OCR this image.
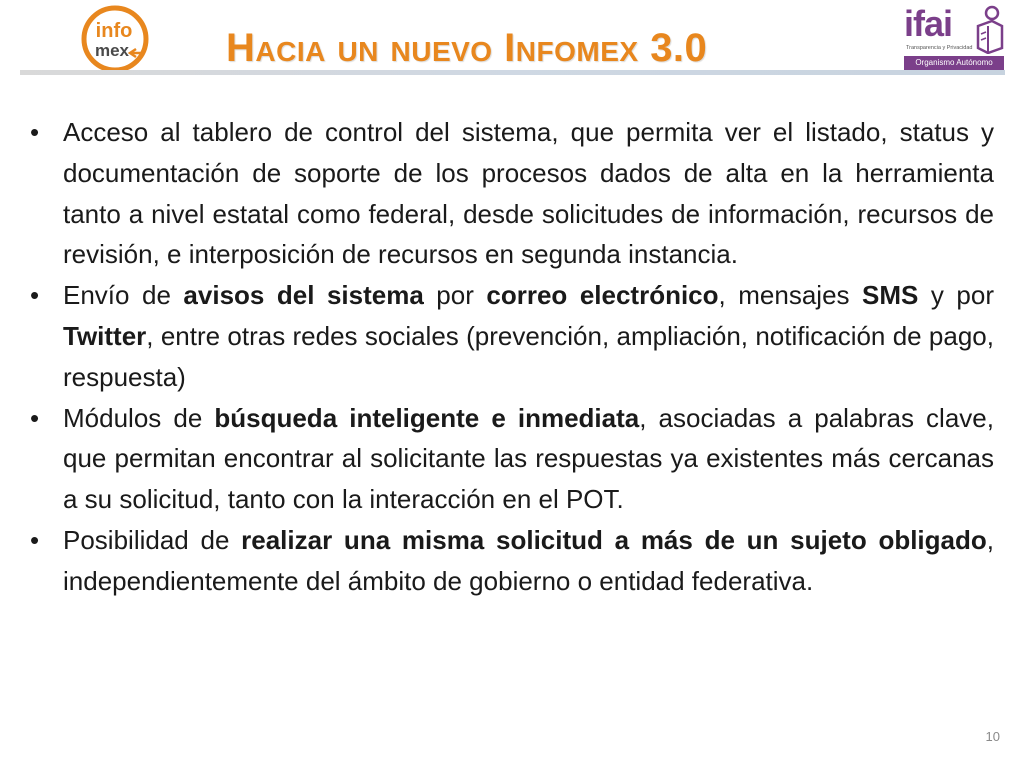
info
mex Hacia un nuevo Infomex 3.0
ifai
Transparencia y Privacidad
Organismo Autónomo
• Acceso al tablero de control del sistema, que permita ver el listado, status y documentación de soporte de los procesos dados de alta en la herramienta tanto a nivel estatal como federal, desde solicitudes de información, recursos de revisión, e interposición de recursos en segunda instancia.
• Envío de avisos del sistema por correo electrónico, mensajes SMS y por Twitter, entre otras redes sociales (prevención, ampliación, notificación de pago, respuesta)
• Módulos de búsqueda inteligente e inmediata, asociadas a palabras clave, que permitan encontrar al solicitante las respuestas ya existentes más cercanas a su solicitud, tanto con la interacción en el POT.
• Posibilidad de realizar una misma solicitud a más de un sujeto obligado, independientemente del ámbito de gobierno o entidad federativa.
10
